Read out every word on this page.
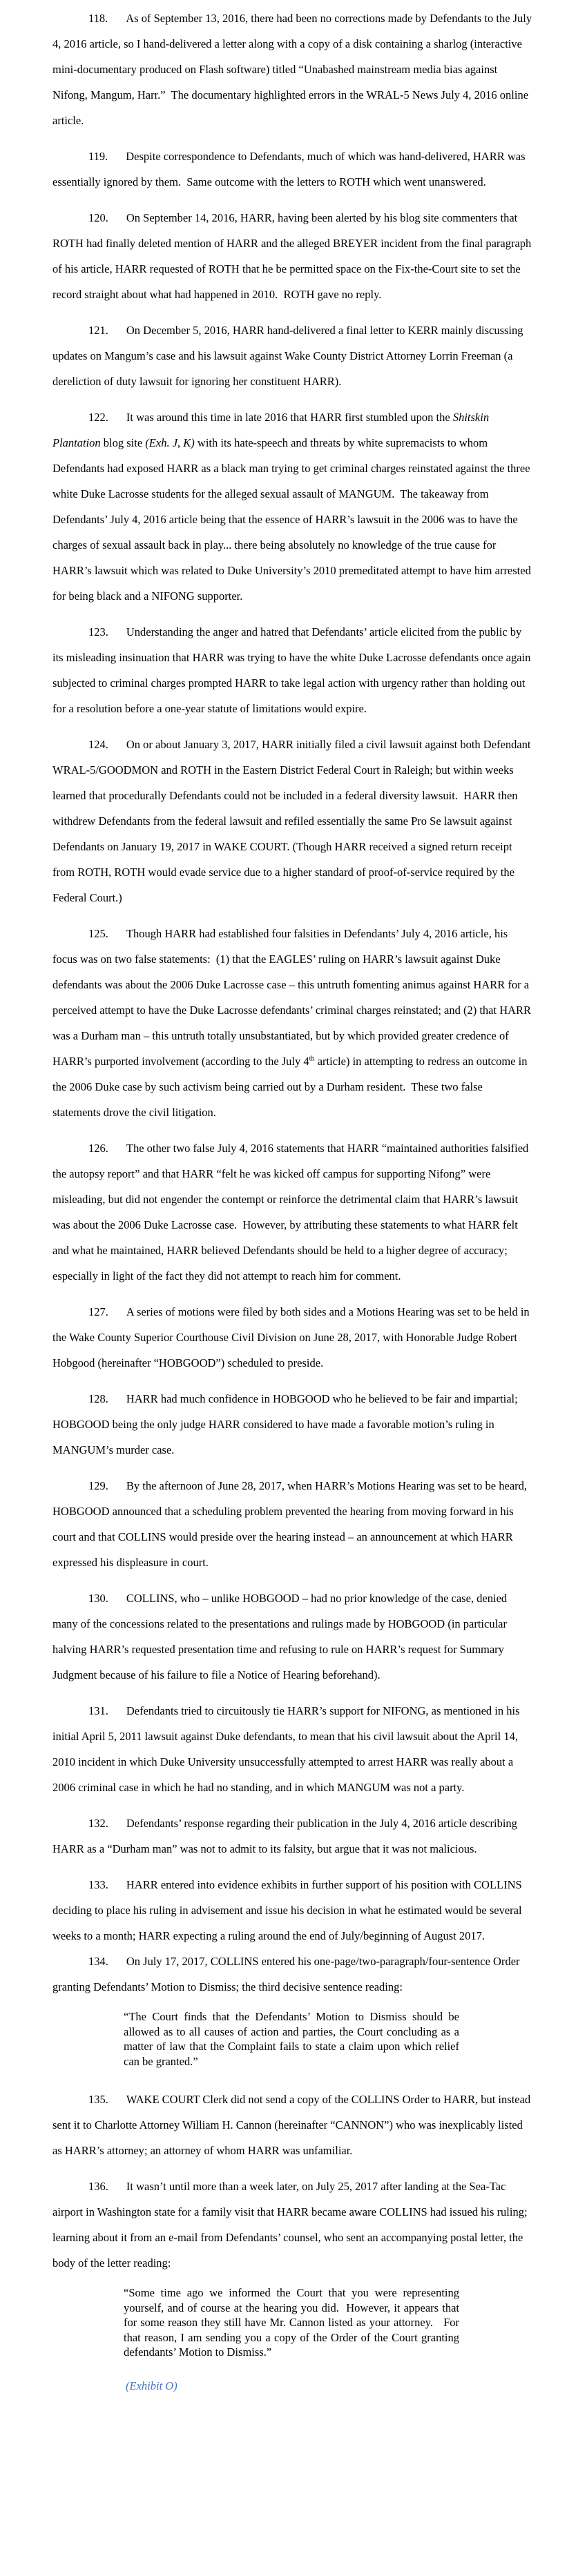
118. As of September 13, 2016, there had been no corrections made by Defendants to the July 4, 2016 article, so I hand-delivered a letter along with a copy of a disk containing a sharlog (interactive mini-documentary produced on Flash software) titled “Unabashed mainstream media bias against Nifong, Mangum, Harr.”  The documentary highlighted errors in the WRAL-5 News July 4, 2016 online article.

119. Despite correspondence to Defendants, much of which was hand-delivered, HARR was essentially ignored by them.  Same outcome with the letters to ROTH which went unanswered.

120. On September 14, 2016, HARR, having been alerted by his blog site commenters that ROTH had finally deleted mention of HARR and the alleged BREYER incident from the final paragraph of his article, HARR requested of ROTH that he be permitted space on the Fix-the-Court site to set the record straight about what had happened in 2010.  ROTH gave no reply.

121. On December 5, 2016, HARR hand-delivered a final letter to KERR mainly discussing updates on Mangum’s case and his lawsuit against Wake County District Attorney Lorrin Freeman (a dereliction of duty lawsuit for ignoring her constituent HARR).

122. It was around this time in late 2016 that HARR first stumbled upon the Shitskin Plantation blog site (Exh. J, K) with its hate-speech and threats by white supremacists to whom Defendants had exposed HARR as a black man trying to get criminal charges reinstated against the three white Duke Lacrosse students for the alleged sexual assault of MANGUM.  The takeaway from Defendants’ July 4, 2016 article being that the essence of HARR’s lawsuit in the 2006 was to have the charges of sexual assault back in play... there being absolutely no knowledge of the true cause for HARR’s lawsuit which was related to Duke University’s 2010 premeditated attempt to have him arrested for being black and a NIFONG supporter.

123. Understanding the anger and hatred that Defendants’ article elicited from the public by its misleading insinuation that HARR was trying to have the white Duke Lacrosse defendants once again subjected to criminal charges prompted HARR to take legal action with urgency rather than holding out for a resolution before a one-year statute of limitations would expire.

124. On or about January 3, 2017, HARR initially filed a civil lawsuit against both Defendant WRAL-5/GOODMON and ROTH in the Eastern District Federal Court in Raleigh; but within weeks learned that procedurally Defendants could not be included in a federal diversity lawsuit.  HARR then withdrew Defendants from the federal lawsuit and refiled essentially the same Pro Se lawsuit against Defendants on January 19, 2017 in WAKE COURT. (Though HARR received a signed return receipt from ROTH, ROTH would evade service due to a higher standard of proof-of-service required by the Federal Court.)

125. Though HARR had established four falsities in Defendants’ July 4, 2016 article, his focus was on two false statements:  (1) that the EAGLES’ ruling on HARR’s lawsuit against Duke defendants was about the 2006 Duke Lacrosse case – this untruth fomenting animus against HARR for a perceived attempt to have the Duke Lacrosse defendants’ criminal charges reinstated; and (2) that HARR was a Durham man – this untruth totally unsubstantiated, but by which provided greater credence of HARR’s purported involvement (according to the July 4th article) in attempting to redress an outcome in the 2006 Duke case by such activism being carried out by a Durham resident.  These two false statements drove the civil litigation.

126. The other two false July 4, 2016 statements that HARR “maintained authorities falsified the autopsy report” and that HARR “felt he was kicked off campus for supporting Nifong” were misleading, but did not engender the contempt or reinforce the detrimental claim that HARR’s lawsuit was about the 2006 Duke Lacrosse case.  However, by attributing these statements to what HARR felt and what he maintained, HARR believed Defendants should be held to a higher degree of accuracy; especially in light of the fact they did not attempt to reach him for comment.

127. A series of motions were filed by both sides and a Motions Hearing was set to be held in the Wake County Superior Courthouse Civil Division on June 28, 2017, with Honorable Judge Robert Hobgood (hereinafter “HOBGOOD”) scheduled to preside.

128. HARR had much confidence in HOBGOOD who he believed to be fair and impartial; HOBGOOD being the only judge HARR considered to have made a favorable motion’s ruling in MANGUM’s murder case.

129. By the afternoon of June 28, 2017, when HARR’s Motions Hearing was set to be heard, HOBGOOD announced that a scheduling problem prevented the hearing from moving forward in his court and that COLLINS would preside over the hearing instead – an announcement at which HARR expressed his displeasure in court.

130. COLLINS, who – unlike HOBGOOD – had no prior knowledge of the case, denied many of the concessions related to the presentations and rulings made by HOBGOOD (in particular halving HARR’s requested presentation time and refusing to rule on HARR’s request for Summary Judgment because of his failure to file a Notice of Hearing beforehand).

131. Defendants tried to circuitously tie HARR’s support for NIFONG, as mentioned in his initial April 5, 2011 lawsuit against Duke defendants, to mean that his civil lawsuit about the April 14, 2010 incident in which Duke University unsuccessfully attempted to arrest HARR was really about a 2006 criminal case in which he had no standing, and in which MANGUM was not a party.

132. Defendants’ response regarding their publication in the July 4, 2016 article describing HARR as a “Durham man” was not to admit to its falsity, but argue that it was not malicious.

133. HARR entered into evidence exhibits in further support of his position with COLLINS deciding to place his ruling in advisement and issue his decision in what he estimated would be several weeks to a month; HARR expecting a ruling around the end of July/beginning of August 2017.

134. On July 17, 2017, COLLINS entered his one-page/two-paragraph/four-sentence Order granting Defendants’ Motion to Dismiss; the third decisive sentence reading:

“The Court finds that the Defendants’ Motion to Dismiss should be allowed as to all causes of action and parties, the Court concluding as a matter of law that the Complaint fails to state a claim upon which relief can be granted.”

135. WAKE COURT Clerk did not send a copy of the COLLINS Order to HARR, but instead sent it to Charlotte Attorney William H. Cannon (hereinafter “CANNON”) who was inexplicably listed as HARR’s attorney; an attorney of whom HARR was unfamiliar.

136. It wasn’t until more than a week later, on July 25, 2017 after landing at the Sea-Tac airport in Washington state for a family visit that HARR became aware COLLINS had issued his ruling; learning about it from an e-mail from Defendants’ counsel, who sent an accompanying postal letter, the body of the letter reading:

“Some time ago we informed the Court that you were representing yourself, and of course at the hearing you did.  However, it appears that for some reason they still have Mr. Cannon listed as your attorney.   For that reason, I am sending you a copy of the Order of the Court granting defendants’ Motion to Dismiss.”

(Exhibit O)
